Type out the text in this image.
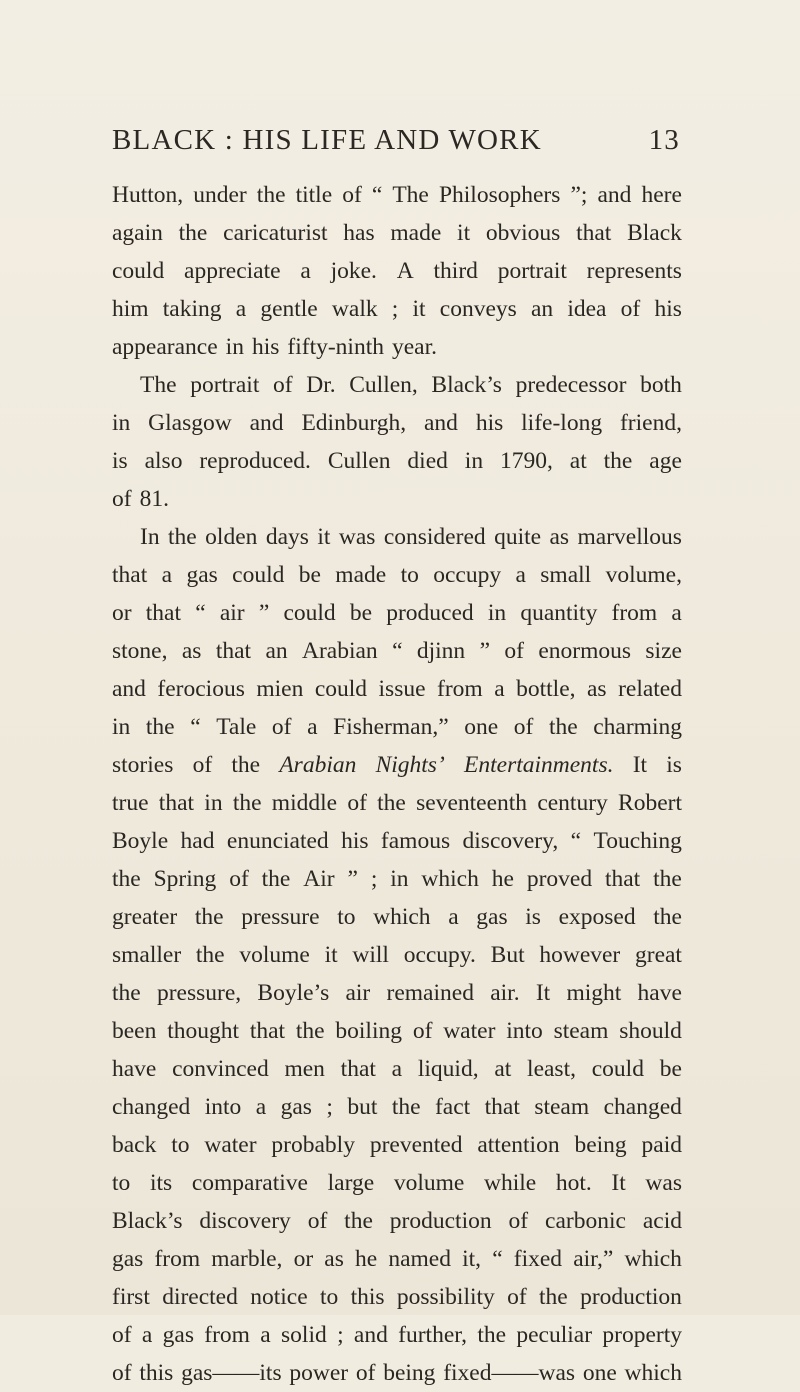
BLACK : HIS LIFE AND WORK	13
Hutton, under the title of “ The Philosophers ”; and here
again the caricaturist has made it obvious that Black
could appreciate a joke. A third portrait represents
him taking a gentle walk ; it conveys an idea of his
appearance in his fifty-ninth year.
The portrait of Dr. Cullen, Black’s predecessor both
in Glasgow and Edinburgh, and his life-long friend,
is also reproduced. Cullen died in 1790, at the age
of 81.
In the olden days it was considered quite as marvellous
that a gas could be made to occupy a small volume,
or that “ air ” could be produced in quantity from a
stone, as that an Arabian “ djinn ” of enormous size
and ferocious mien could issue from a bottle, as related
in the “ Tale of a Fisherman,” one of the charming
stories of the Arabian Nights’ Entertainments. It is
true that in the middle of the seventeenth century Robert
Boyle had enunciated his famous discovery, “ Touching
the Spring of the Air ” ; in which he proved that the
greater the pressure to which a gas is exposed the
smaller the volume it will occupy. But however great
the pressure, Boyle’s air remained air. It might have
been thought that the boiling of water into steam should
have convinced men that a liquid, at least, could be
changed into a gas ; but the fact that steam changed
back to water probably prevented attention being paid
to its comparative large volume while hot. It was
Black’s discovery of the production of carbonic acid
gas from marble, or as he named it, “ fixed air,” which
first directed notice to this possibility of the production
of a gas from a solid ; and further, the peculiar property
of this gas——its power of being fixed——was one which
